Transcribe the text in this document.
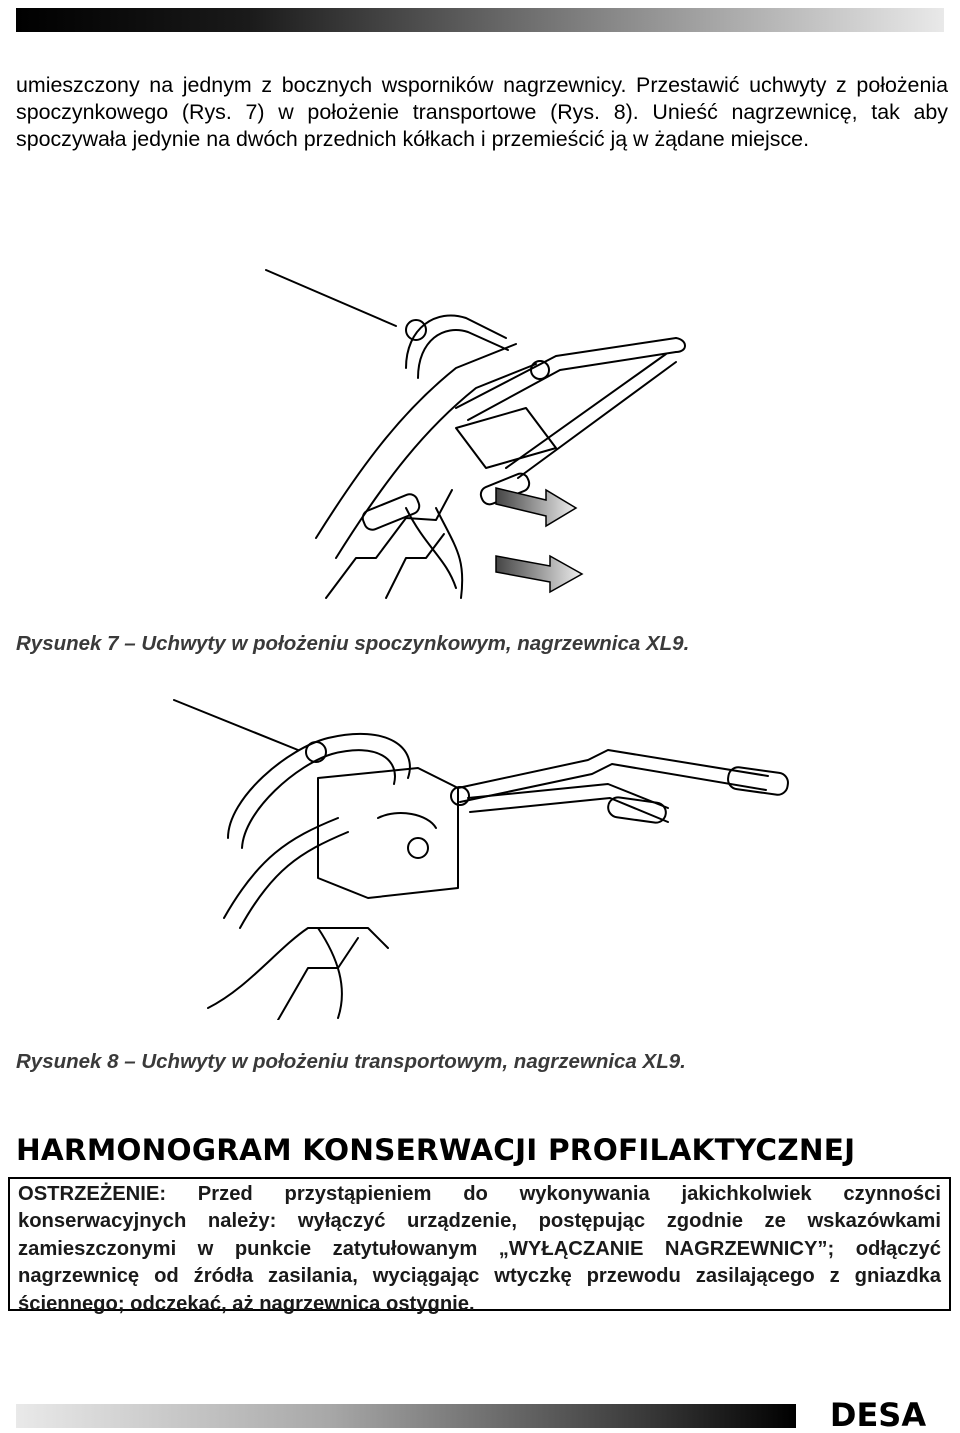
umieszczony na jednym z bocznych wsporników nagrzewnicy. Przestawić uchwyty z położenia spoczynkowego (Rys. 7) w położenie transportowe (Rys. 8). Unieść nagrzewnicę, tak aby spoczywała jedynie na dwóch przednich kółkach i przemieścić ją w żądane miejsce.

Rysunek 7 – Uchwyty w położeniu spoczynkowym, nagrzewnica XL9.

Rysunek 8 – Uchwyty w położeniu transportowym, nagrzewnica XL9.

HARMONOGRAM KONSERWACJI PROFILAKTYCZNEJ

OSTRZEŻENIE: Przed przystąpieniem do wykonywania jakichkolwiek czynności konserwacyjnych należy: wyłączyć urządzenie, postępując zgodnie ze wskazówkami zamieszczonymi w punkcie zatytułowanym „WYŁĄCZANIE NAGRZEWNICY”; odłączyć nagrzewnicę od źródła zasilania, wyciągając wtyczkę przewodu zasilającego z gniazdka ściennego; odczekać, aż nagrzewnica ostygnie.

DESA
